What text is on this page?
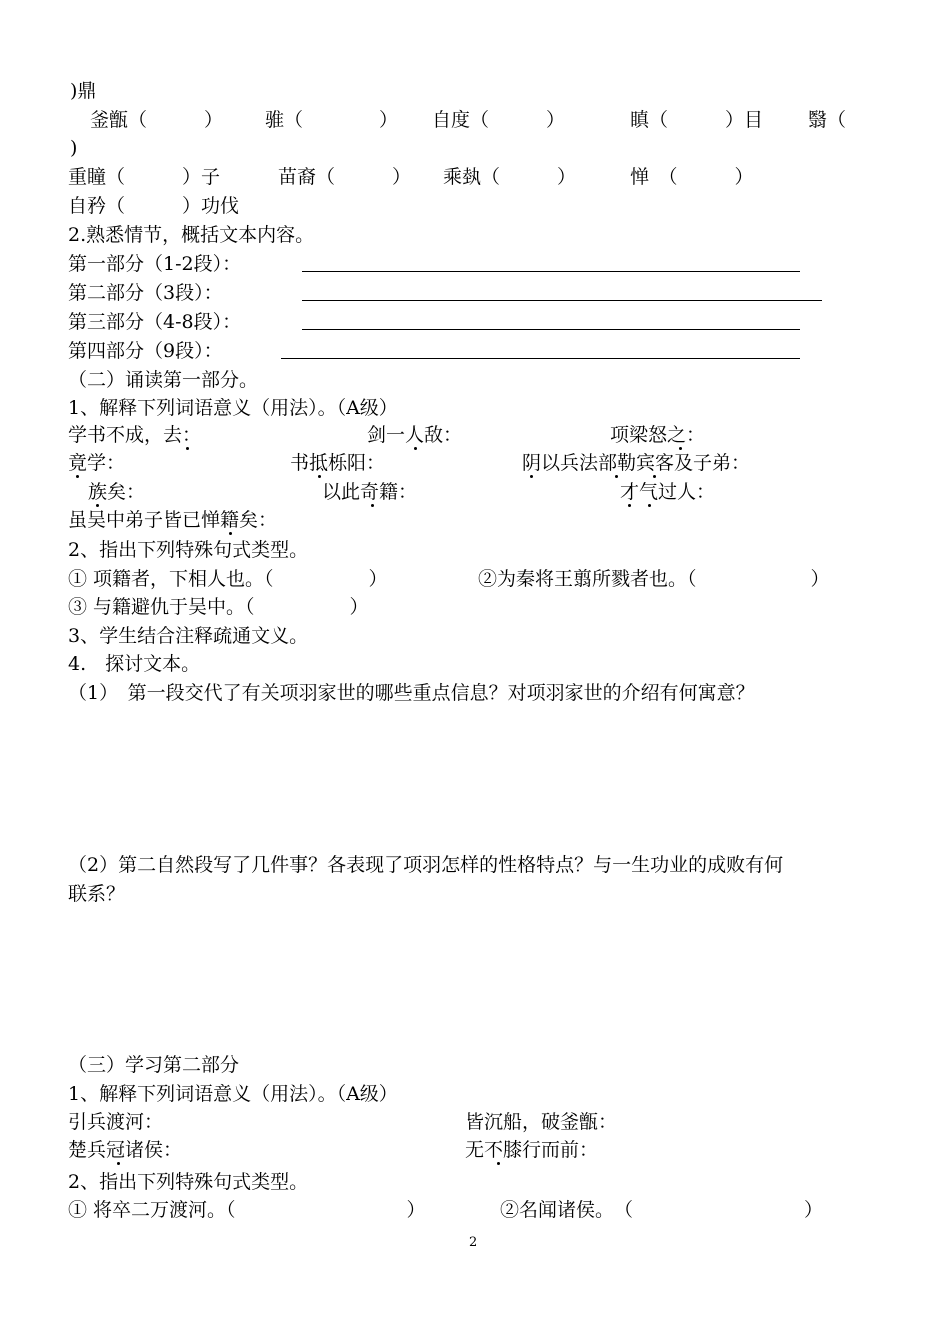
)鼎
釜甑（　　　） 骓（　　　　） 自度（　　　）	瞋（　　　）目 翳（
)
重瞳（　　　）子	苗裔（　　　） 乘埶（　　　）	惮　（　　　）
自矜（　　　）功伐
2.熟悉情节，概括文本内容。
第一部分（1-2段）：
第二部分（3段）：
第三部分（4-8段）：
第四部分（9段）：
（二）诵读第一部分。
1、解释下列词语意义（用法）。（A级）
学书不成，去：	剑一人敌：	项梁怒之：
竟学：	书抵栎阳：	阴以兵法部勒宾客及子弟：
族矣：	以此奇籍：	才气过人：
虽吴中弟子皆已惮籍矣：
2、指出下列特殊句式类型。
① 项籍者，下相人也。（　　　　　）	②为秦将王翦所戮者也。（　　　　　　）
③ 与籍避仇于吴中。（　　　　　）
3、学生结合注释疏通文义。
4.　探讨文本。
（1）　第一段交代了有关项羽家世的哪些重点信息？对项羽家世的介绍有何寓意？
（2）第二自然段写了几件事？各表现了项羽怎样的性格特点？与一生功业的成败有何
联系？
（三）学习第二部分
1、解释下列词语意义（用法）。（A级）
引兵渡河：	皆沉船，破釜甑：
楚兵冠诸侯：	无不膝行而前：
2、指出下列特殊句式类型。
① 将卒二万渡河。（　　　　　　　　　）	②名闻诸侯。　（　　　　　　　　　）
2
